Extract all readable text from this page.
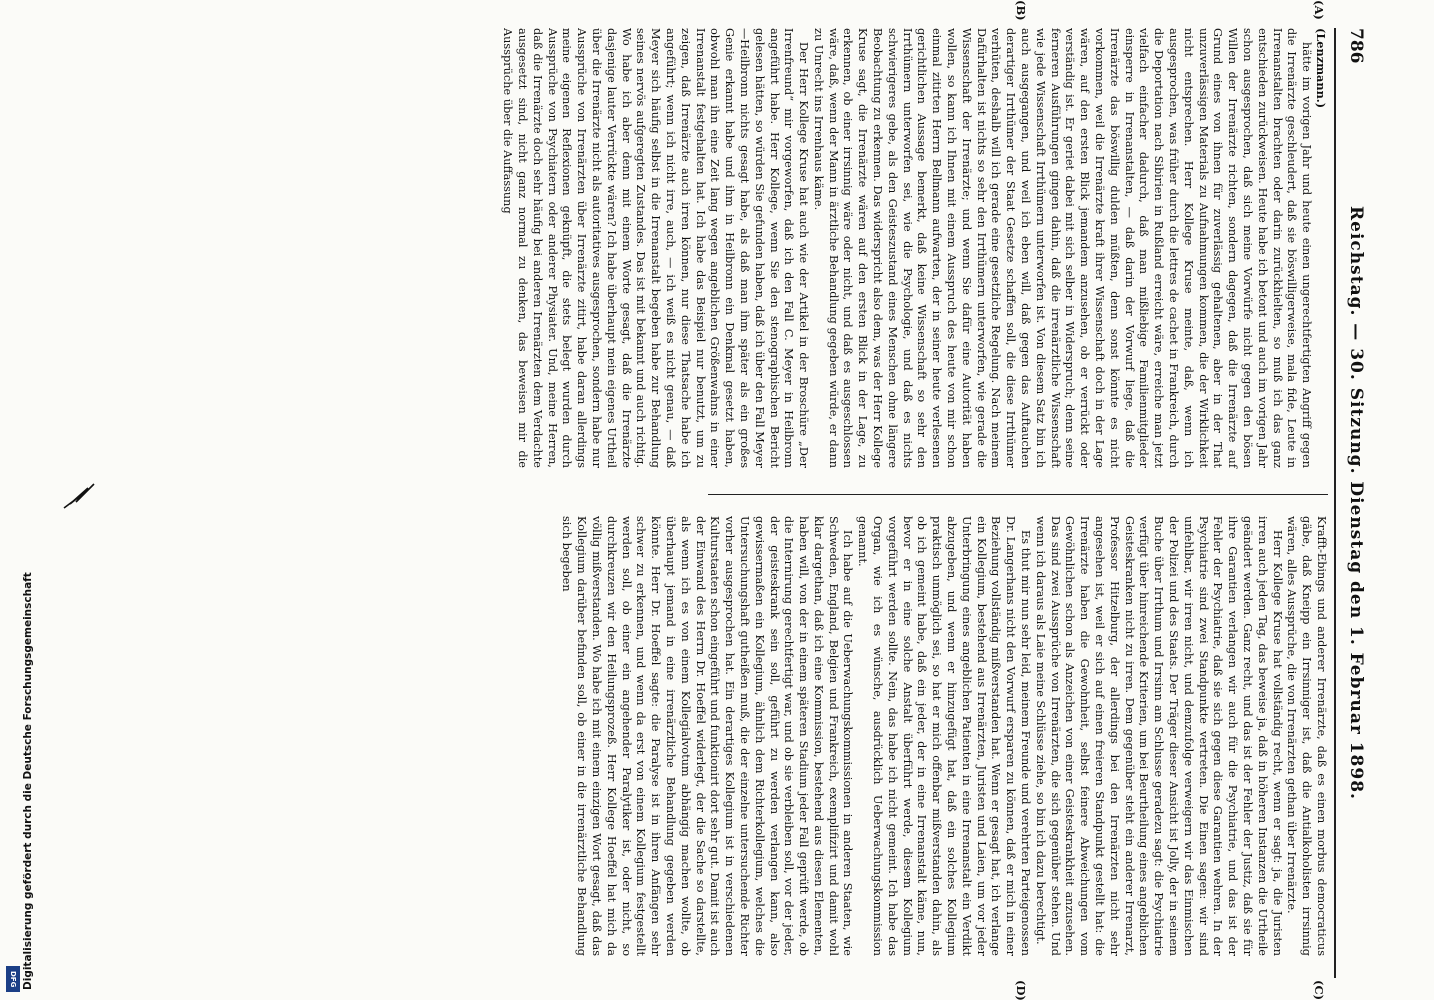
Digitalisierung gefördert durch die Deutsche Forschungsgemeinschaft
DFG
786
Reichstag. — 30. Sitzung. Dienstag den 1. Februar 1898.
(A)
(B)
(C)
(D)

(Lenzmann.)

hätte im vorigen Jahr und heute einen ungerechtfertigten Angriff gegen die Irrenärzte geschleudert, daß sie böswilligerweise, mala fide, Leute in Irrenanstalten brachten oder darin zurückhielten, so muß ich das ganz entschieden zurückweisen. Heute habe ich betont und auch im vorigen Jahr schon ausgesprochen, daß sich meine Vorwürfe nicht gegen den bösen Willen der Irrenärzte richten, sondern dagegen, daß die Irrenärzte auf Grund eines von ihnen für zuverlässig gehaltenen, aber in der That unzuverlässigen Materials zu Aufnahmungen kommen, die der Wirklichkeit nicht entsprechen. Herr Kollege Kruse meinte, daß, wenn ich ausgesprochen, was früher durch die lettres de cachet in Frankreich, durch die Deportation nach Sibirien in Rußland erreicht wäre, erreiche man jetzt vielfach einfacher dadurch, daß man mißliebige Familienmitglieder einsperre in Irrenanstalten, — daß darin der Vorwurf liege, daß die Irrenärzte das böswillig dulden müßten, denn sonst könnte es nicht vorkommen, weil die Irrenärzte kraft ihrer Wissenschaft doch in der Lage wären, auf den ersten Blick jemandem anzusehen, ob er verrückt oder verständig ist. Er geriet dabei mit sich selber in Widerspruch; denn seine ferneren Ausführungen gingen dahin, daß die irrenärztliche Wissenschaft wie jede Wissenschaft Irrthümern unterworfen ist. Von diesem Satz bin ich auch ausgegangen, und weil ich eben will, daß gegen das Auftauchen derartiger Irrthümer der Staat Gesetze schaffen soll, die diese Irrthümer verhüten, deshalb will ich gerade eine gesetzliche Regelung. Nach meinem Dafürhalten ist nichts so sehr den Irrthümern unterworfen, wie gerade die Wissenschaft der Irrenärzte; und wenn Sie dafür eine Autorität haben wollen, so kann ich Ihnen mit einem Ausspruch des heute von mir schon einmal zitirten Herrn Bellmann aufwarten, der in seiner heute verlesenen gerichtlichen Aussage bemerkt, daß keine Wissenschaft so sehr den Irrthümern unterworfen sei, wie die Psychologie, und daß es nichts schwierigeres gebe, als den Geisteszustand eines Menschen ohne längere Beobachtung zu erkennen. Das widerspricht also dem, was der Herr Kollege Kruse sagt, die Irrenärzte wären auf den ersten Blick in der Lage, zu erkennen, ob einer irrsinnig wäre oder nicht, und daß es ausgeschlossen wäre, daß, wenn der Mann in ärztliche Behandlung gegeben würde, er dann zu Unrecht ins Irrenhaus käme.

Der Herr Kollege Kruse hat auch wie der Artikel in der Broschüre „Der Irrenfreund“ mir vorgeworfen, daß ich den Fall C. Meyer in Heilbronn angeführt habe. Herr Kollege, wenn Sie den stenographischen Bericht gelesen hätten, so würden Sie gefunden haben, daß ich über den Fall Meyer—Heilbronn nichts gesagt habe, als daß man ihm später als ein großes Genie erkannt habe und ihm in Heilbronn ein Denkmal gesetzt haben, obwohl man ihn eine Zeit lang wegen angeblichen Größenwahns in einer Irrenanstalt festgehalten hat. Ich habe das Beispiel nur benutzt, um zu zeigen, daß Irrenärzte auch irren können, nur diese Thatsache habe ich angeführt; wenn ich nicht irre, auch, — ich weiß es nicht genau, — daß Meyer sich häufig selbst in die Irrenanstalt begeben habe zur Behandlung seines nervös aufgeregten Zustandes. Das ist mit bekannt und auch richtig. Wo habe ich aber denn mit einem Worte gesagt, daß die Irrenärzte dasjenige lauter Verrückte wären? Ich habe überhaupt mein eigenes Urtheil über die Irrenärzte nicht als autoritatives ausgesprochen, sondern habe nur Aussprüche von Irrenärzten über Irrenärzte zitirt, habe daran allerdings meine eigenen Reflexionen geknüpft, die stets belegt wurden durch Aussprüche von Psychiatern oder anderer Physiater. Und, meine Herren, daß die Irrenärzte doch sehr häufig bei anderen Irrenärzten dem Verdachte ausgesetzt sind, nicht ganz normal zu denken, das beweisen mir die Aussprüche über die Auffassung

Krafft-Ebings und anderer Irrenärzte, daß es einen morbus democraticus gäbe, daß Kneipp ein Irrsinniger ist, daß die Antialkoholisten irrsinnig wären, alles Aussprüche, die von Irrenärzten gethan über Irrenärzte.

Herr Kollege Kruse hat vollständig recht, wenn er sagt: ja, die Juristen irren auch jeden Tag, das beweise ja, daß in höheren Instanzen die Urtheile geändert werden. Ganz recht, und das ist der Fehler der Justiz, daß sie für ihre Garantien verlangen wir auch für die Psychiatrie, und das ist der Fehler der Psychiatrie, daß sie sich gegen diese Garantien wehren. In der Psychiatrie sind zwei Standpunkte vertreten. Die Einen sagen: wir sind unfehlbar, wir irren nicht, und demzufolge verweigern wir das Einmischen der Polizei und des Staats. Der Träger dieser Ansicht ist Jolly, der in seinem Buche über Irrthum und Irrsinn am Schlusse geradezu sagt: die Psychiatrie verfügt über hinreichende Kriterien, um bei Beurtheilung eines angeblichen Geisteskranken nicht zu irren. Dem gegenüber steht ein anderer Irrenarzt, Professor Hitzelburg, der allerdings bei den Irrenärzten nicht sehr angesehen ist, weil er sich auf einen freieren Standpunkt gestellt hat: die Irrenärzte haben die Gewohnheit, selbst feinere Abweichungen vom Gewöhnlichen schon als Anzeichen von einer Geisteskrankheit anzusehen. Das sind zwei Aussprüche von Irrenärzten, die sich gegenüber stehen. Und wenn ich daraus als Laie meine Schlüsse ziehe, so bin ich dazu berechtigt.

Es thut mir nun sehr leid, meinem Freunde und verehrten Parteigenossen Dr. Langerhans nicht den Vorwurf ersparen zu können, daß er mich in einer Beziehung vollständig mißverstanden hat. Wenn er gesagt hat, ich verlange ein Kollegium, bestehend aus Irrenärzten, Juristen und Laien, um vor jeder Unterbringung eines angeblichen Patienten in eine Irrenanstalt ein Verdikt abzugeben, und wenn er hinzugefügt hat, daß ein solches Kollegium praktisch unmöglich sei, so hat er mich offenbar mißverstanden dahin, als ob ich gemeint habe, daß ein jeder, der in eine Irrenanstalt käme, nun, bevor er in eine solche Anstalt überführt werde, diesem Kollegium vorgeführt werden sollte. Nein, das habe ich nicht gemeint. Ich habe das Organ, wie ich es wünsche, ausdrücklich Ueberwachungskommission genannt.

Ich habe auf die Ueberwachungskommissionen in anderen Staaten, wie Schweden, England, Belgien und Frankreich, exemplifizirt und damit wohl klar dargethan, daß ich eine Kommission, bestehend aus diesen Elementen, haben will, von der in einem späteren Stadium jeder Fall geprüft werde, ob die Internirung gerechtfertigt war, und ob sie verbleiben soll, vor der jeder, der geisteskrank sein soll, geführt zu werden verlangen kann, also gewissermaßen ein Kollegium, ähnlich dem Richterkollegium, welches die Untersuchungshaft gutheißen muß, die der einzelne untersuchende Richter vorher ausgesprochen hat. Ein derartiges Kollegium ist in verschiedenen Kulturstaaten schon eingeführt und funktionirt dort sehr gut. Damit ist auch der Einwand des Herrn Dr. Hoeffel widerlegt, der die Sache so darstellte, als wenn ich es von einem Kollegialvotum abhängig machen wollte, ob überhaupt jemand in eine irrenärztliche Behandlung gegeben werden könnte. Herr Dr. Hoeffel sagte: die Paralyse ist in ihren Anfängen sehr schwer zu erkennen, und wenn da erst von einem Kollegium festgestellt werden soll, ob einer ein angehender Paralytiker ist, oder nicht, so durchkreuzen wir den Heilungsprozeß. Herr Kollege Hoeffel hat mich da völlig mißverstanden. Wo habe ich mit einem einzigen Wort gesagt, daß das Kollegium darüber befinden soll, ob einer in die irrenärztliche Behandlung sich begeben
